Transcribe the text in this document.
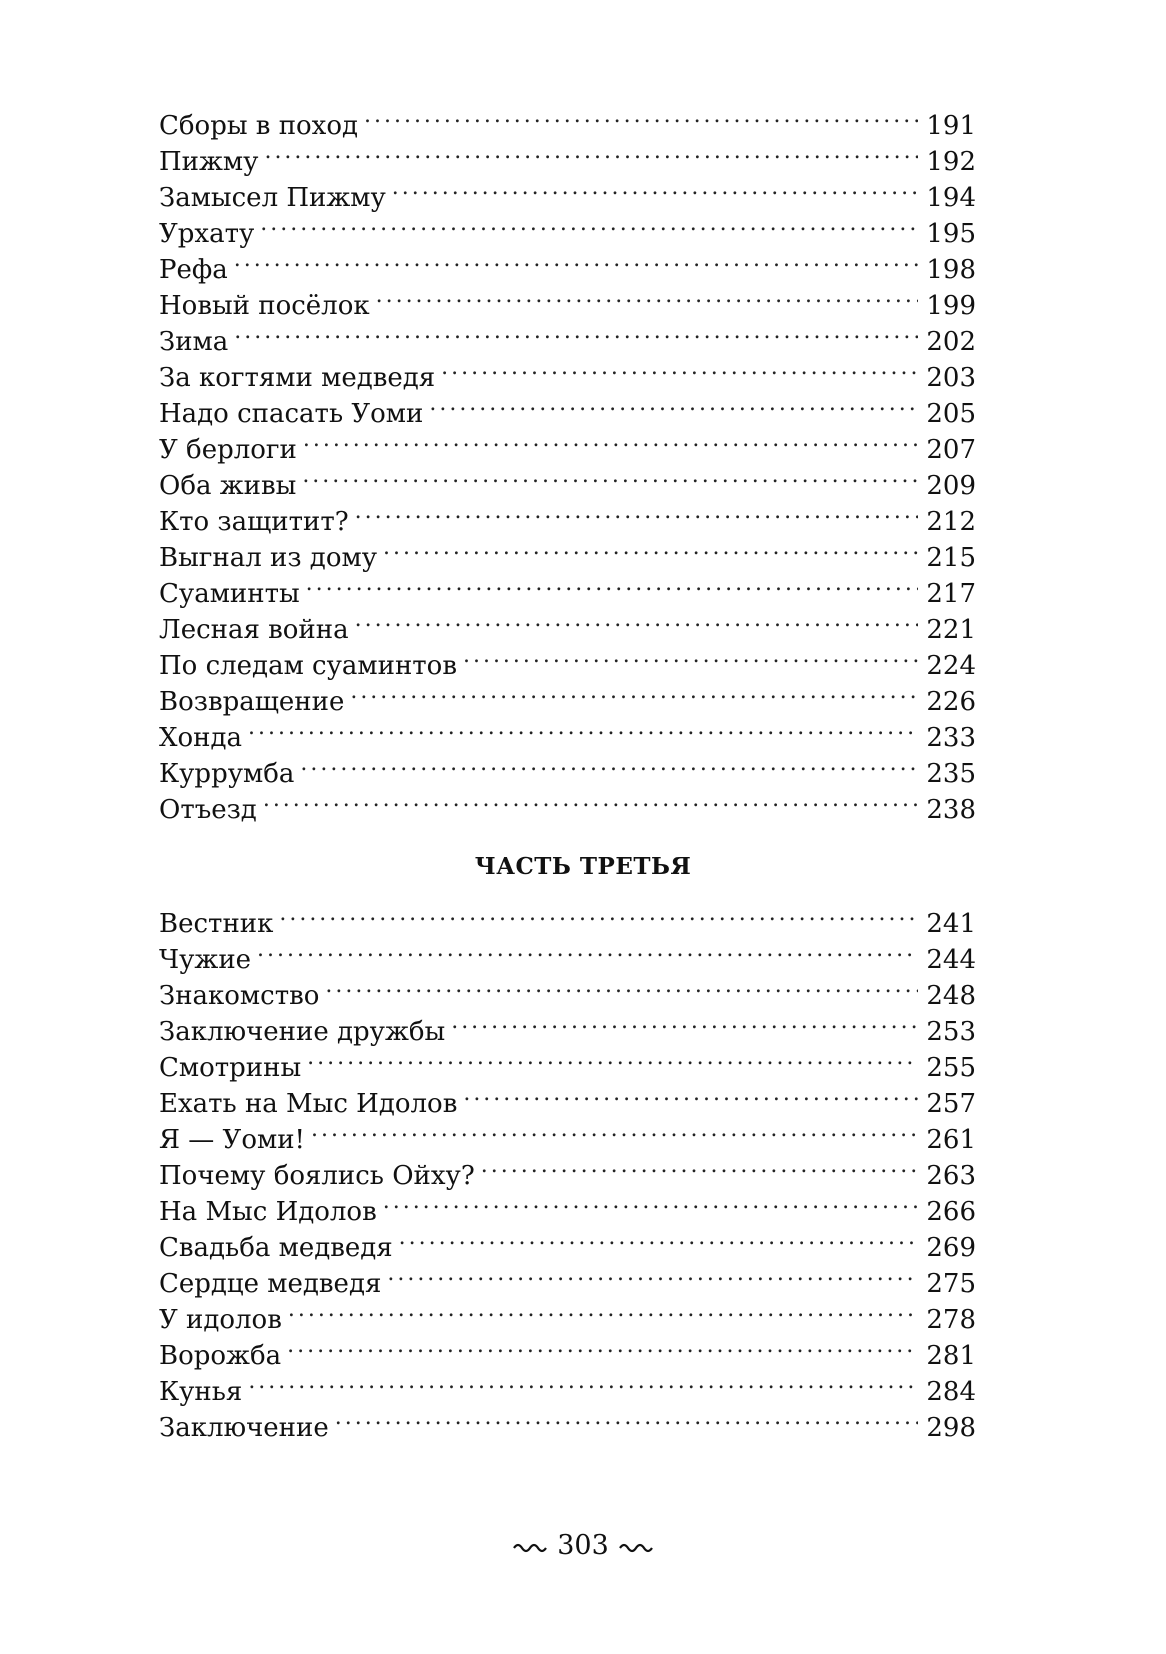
Сборы в поход . . .	191
Пижму . . .	192
Замысел Пижму . . .	194
Урхату . . .	195
Рефа . . .	198
Новый посёлок . . .	199
Зима . . .	202
За когтями медведя . . .	203
Надо спасать Уоми . . .	205
У берлоги . . .	207
Оба живы . . .	209
Кто защитит? . . .	212
Выгнал из дому . . .	215
Суаминты . . .	217
Лесная война . . .	221
По следам суаминтов . . .	224
Возвращение . . .	226
Хонда . . .	233
Куррумба . . .	235
Отъезд . . .	238
ЧАСТЬ ТРЕТЬЯ
Вестник . . .	241
Чужие . . .	244
Знакомство . . .	248
Заключение дружбы . . .	253
Смотрины . . .	255
Ехать на Мыс Идолов . . .	257
Я — Уоми! . . .	261
Почему боялись Ойху? . . .	263
На Мыс Идолов . . .	266
Свадьба медведя . . .	269
Сердце медведя . . .	275
У идолов . . .	278
Ворожба . . .	281
Кунья . . .	284
Заключение . . .	298
303
